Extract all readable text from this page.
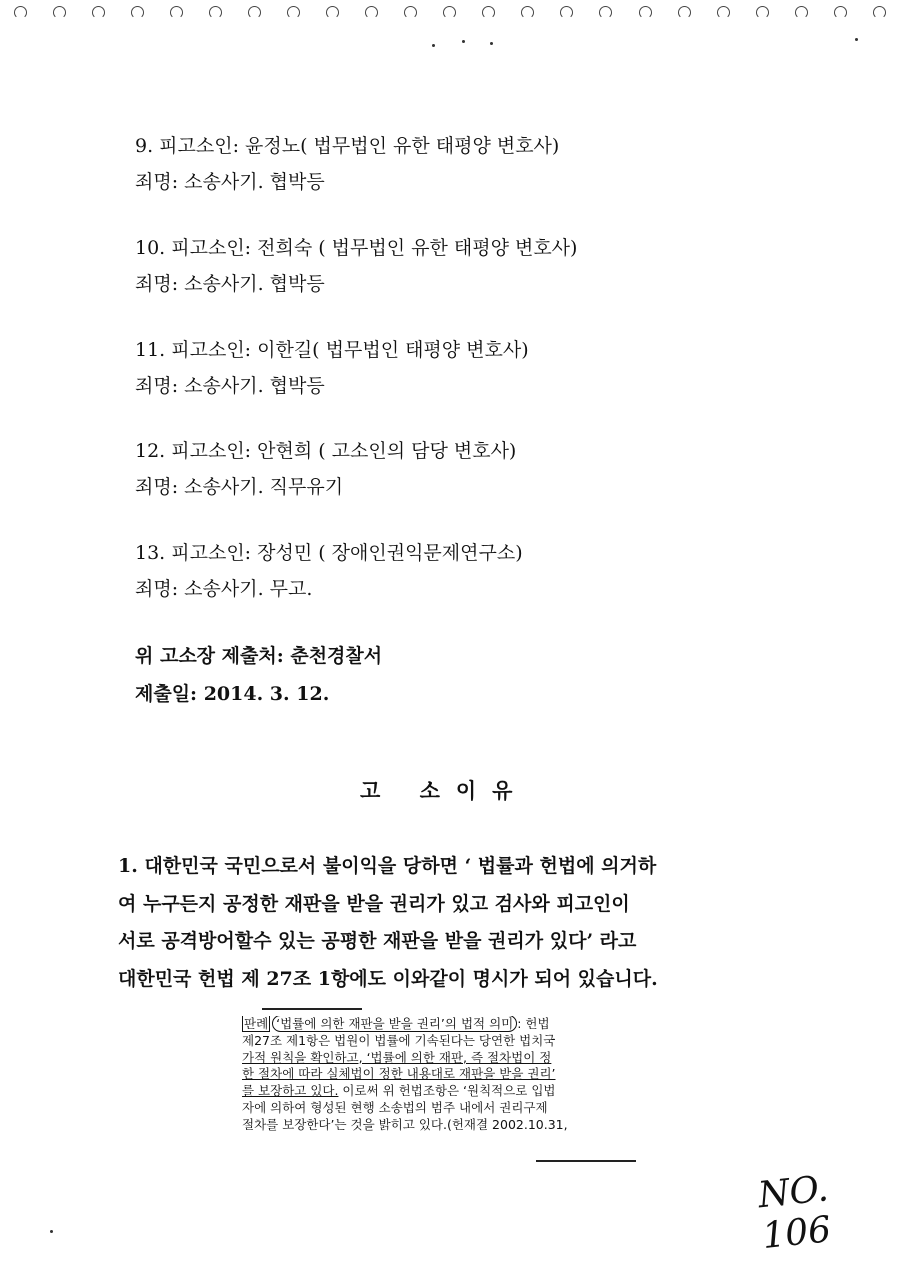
9. 피고소인: 윤정노( 법무법인 유한 태평양 변호사)
죄명: 소송사기. 협박등
10. 피고소인: 전희숙 ( 법무법인 유한 태평양 변호사)
죄명: 소송사기. 협박등
11. 피고소인: 이한길( 법무법인 태평양 변호사)
죄명: 소송사기. 협박등
12. 피고소인: 안현희 ( 고소인의 담당 변호사)
죄명: 소송사기. 직무유기
13. 피고소인: 장성민 ( 장애인권익문제연구소)
죄명: 소송사기. 무고.
위 고소장 제출처: 춘천경찰서
제출일: 2014. 3. 12.
고 소이유
1. 대한민국 국민으로서 불이익을 당하면 ‘ 법률과 헌법에 의거하
여 누구든지 공정한 재판을 받을 권리가 있고 검사와 피고인이
서로 공격방어할수 있는 공평한 재판을 받을 권리가 있다’ 라고
대한민국 헌법 제 27조 1항에도 이와같이 명시가 되어 있습니다.
판례 ‘법률에 의한 재판을 받을 권리’의 법적 의미 : 헌법
제27조 제1항은 법원이 법률에 기속된다는 당연한 법치국
가적 원칙을 확인하고, ‘법률에 의한 재판, 즉 절차법이 정
한 절차에 따라 실체법이 정한 내용대로 재판을 받을 권리’
를 보장하고 있다. 이로써 위 헌법조항은 ‘원칙적으로 입법
자에 의하여 형성된 현행 소송법의 범주 내에서 권리구제
절차를 보장한다’는 것을 밝히고 있다.(헌재결 2002.10.31,
NO. 106
